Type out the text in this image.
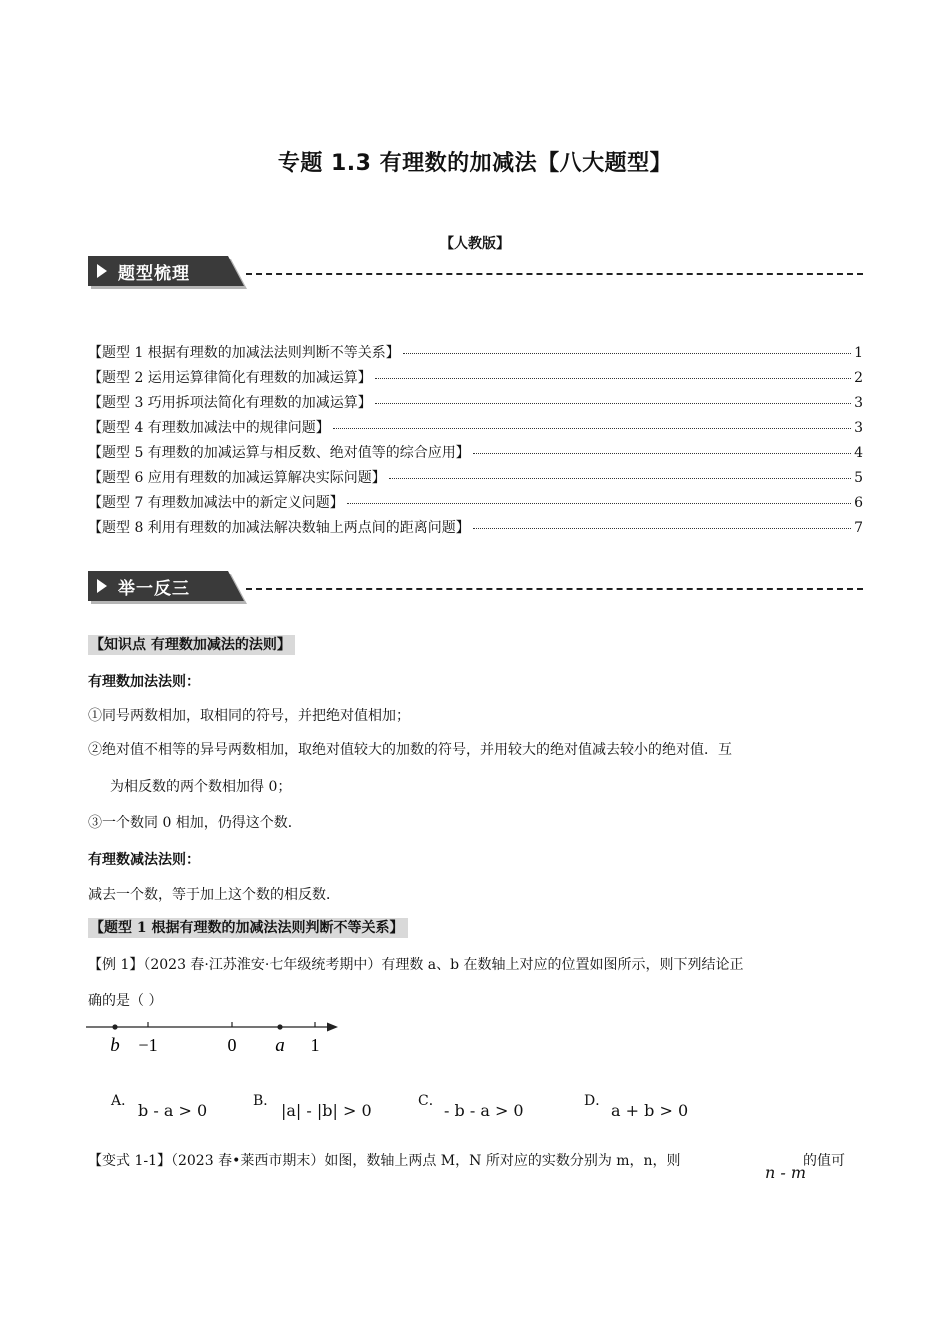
专题 1.3 有理数的加减法【八大题型】
【人教版】
题型梳理
【题型 1 根据有理数的加减法法则判断不等关系】	1
【题型 2 运用运算律简化有理数的加减运算】	2
【题型 3 巧用拆项法简化有理数的加减运算】	3
【题型 4 有理数加减法中的规律问题】	3
【题型 5 有理数的加减运算与相反数、绝对值等的综合应用】	4
【题型 6 应用有理数的加减运算解决实际问题】	5
【题型 7 有理数加减法中的新定义问题】	6
【题型 8 利用有理数的加减法解决数轴上两点间的距离问题】	7
举一反三
【知识点 有理数加减法的法则】
有理数加法法则：
①同号两数相加，取相同的符号，并把绝对值相加；
②绝对值不相等的异号两数相加，取绝对值较大的加数的符号，并用较大的绝对值减去较小的绝对值．互
为相反数的两个数相加得 0；
③一个数同 0 相加，仍得这个数．
有理数减法法则：
减去一个数，等于加上这个数的相反数．
【题型 1 根据有理数的加减法法则判断不等关系】
【例 1】（2023 春·江苏淮安·七年级统考期中）有理数 a、b 在数轴上对应的位置如图所示，则下列结论正
确的是（ ）
b −1	0 a 1
A． b - a > 0	B． |a| - |b| > 0	C． - b - a > 0	D． a + b > 0
【变式 1-1】（2023 春•莱西市期末）如图，数轴上两点 M，N 所对应的实数分别为 m，n，则
n - m
的值可
